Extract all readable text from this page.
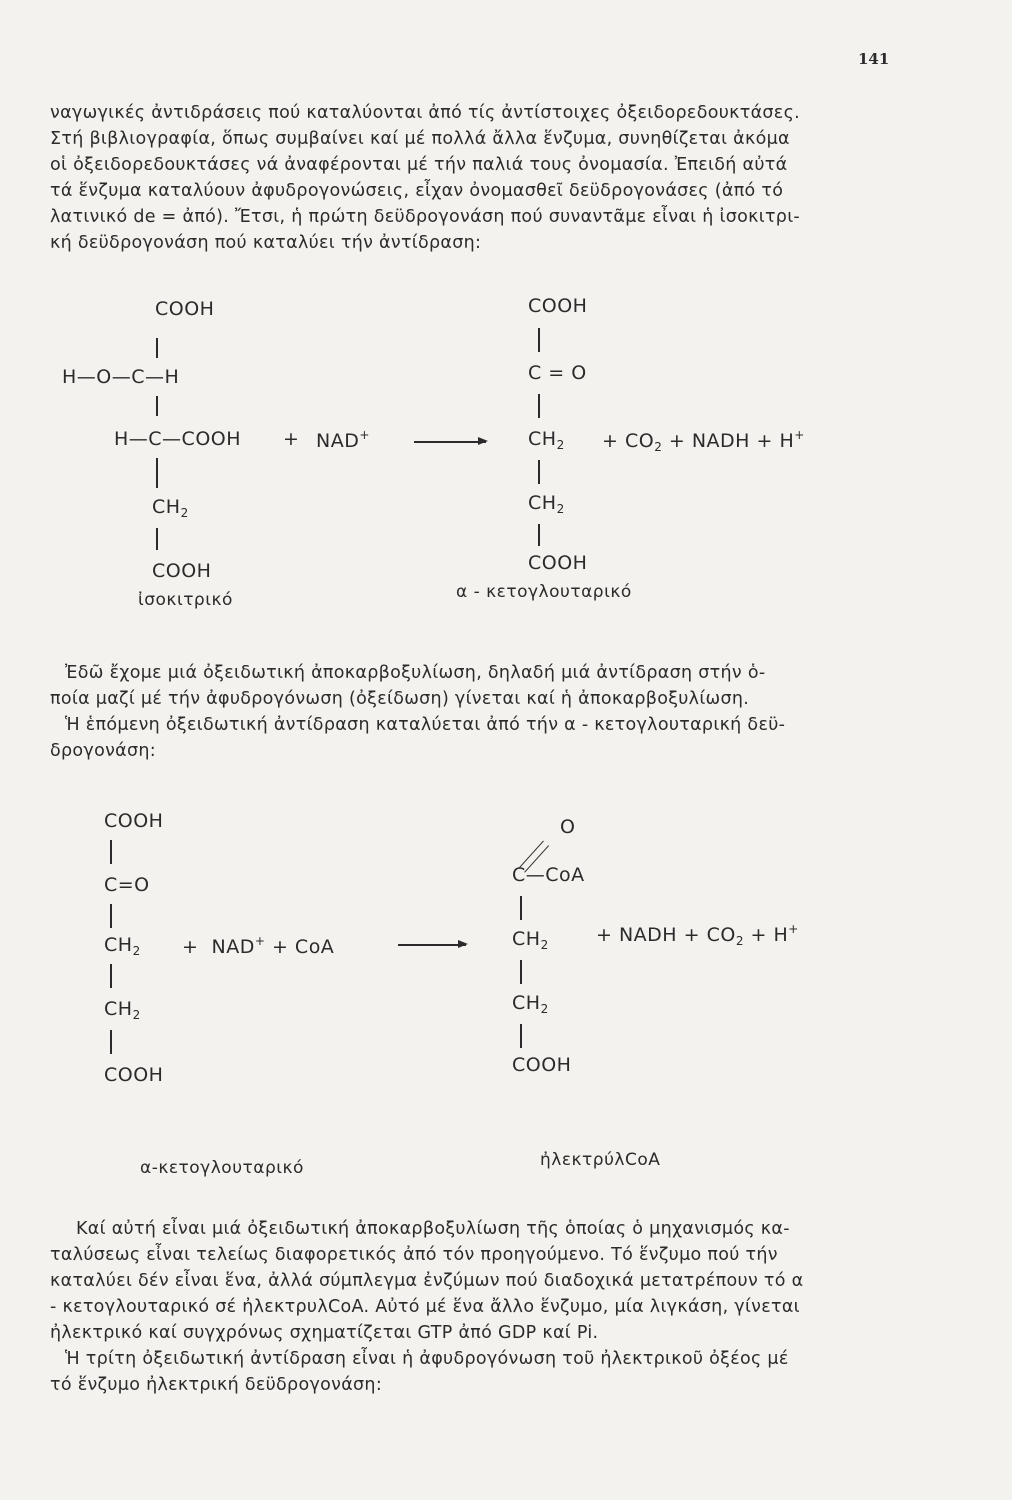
141
ναγωγικές ἀντιδράσεις πού καταλύονται ἀπό τίς ἀντίστοιχες ὀξειδορεδουκτάσες.
Στή βιβλιογραφία, ὅπως συμβαίνει καί μέ πολλά ἄλλα ἕνζυμα, συνηθίζεται ἀκόμα
οἱ ὀξειδορεδουκτάσες νά ἀναφέρονται μέ τήν παλιά τους ὀνομασία. Ἐπειδή αὐτά
τά ἕνζυμα καταλύουν ἀφυδρογονώσεις, εἶχαν ὀνομασθεῖ δεϋδρογονάσες (ἀπό τό
λατινικό de = ἀπό). Ἔτσι, ἡ πρώτη δεϋδρογονάση πού συναντᾶμε εἶναι ἡ ἰσοκιτρι-
κή δεϋδρογονάση πού καταλύει τήν ἀντίδραση:
COOH
H—O—C—H
H—C—COOH
$CH_2$
COOH
ἰσοκιτρικό
+ NAD+
COOH
C = O
$CH_2$
$CH_2$
COOH
α - κετογλουταρικό
+ $CO_2$ + NADH + H+
Ἐδῶ ἔχομε μιά ὀξειδωτική ἀποκαρβοξυλίωση, δηλαδή μιά ἀντίδραση στήν ὁ-
ποία μαζί μέ τήν ἀφυδρογόνωση (ὀξείδωση) γίνεται καί ἡ ἀποκαρβοξυλίωση.
Ἡ ἑπόμενη ὀξειδωτική ἀντίδραση καταλύεται ἀπό τήν α - κετογλουταρική δεϋ-
δρογονάση:
COOH
C=O
$CH_2$
$CH_2$
COOH
α-κετογλουταρικό
+ NAD+ + CoA
O
C—CoA
$CH_2$
$CH_2$
COOH
ἠλεκτρύλCoA
+ NADH + $CO_2 + H^+$
Καί αὐτή εἶναι μιά ὀξειδωτική ἀποκαρβοξυλίωση τῆς ὁποίας ὁ μηχανισμός κα-
ταλύσεως εἶναι τελείως διαφορετικός ἀπό τόν προηγούμενο. Τό ἕνζυμο πού τήν
καταλύει δέν εἶναι ἕνα, ἀλλά σύμπλεγμα ἐνζύμων πού διαδοχικά μετατρέπουν τό α
- κετογλουταρικό σέ ἠλεκτρυλCoA. Αὐτό μέ ἕνα ἄλλο ἕνζυμο, μία λιγκάση, γίνεται
ἠλεκτρικό καί συγχρόνως σχηματίζεται GTP ἀπό GDP καί Pi.
Ἡ τρίτη ὀξειδωτική ἀντίδραση εἶναι ἡ ἀφυδρογόνωση τοῦ ἠλεκτρικοῦ ὀξέος μέ
τό ἕνζυμο ἠλεκτρική δεϋδρογονάση:
